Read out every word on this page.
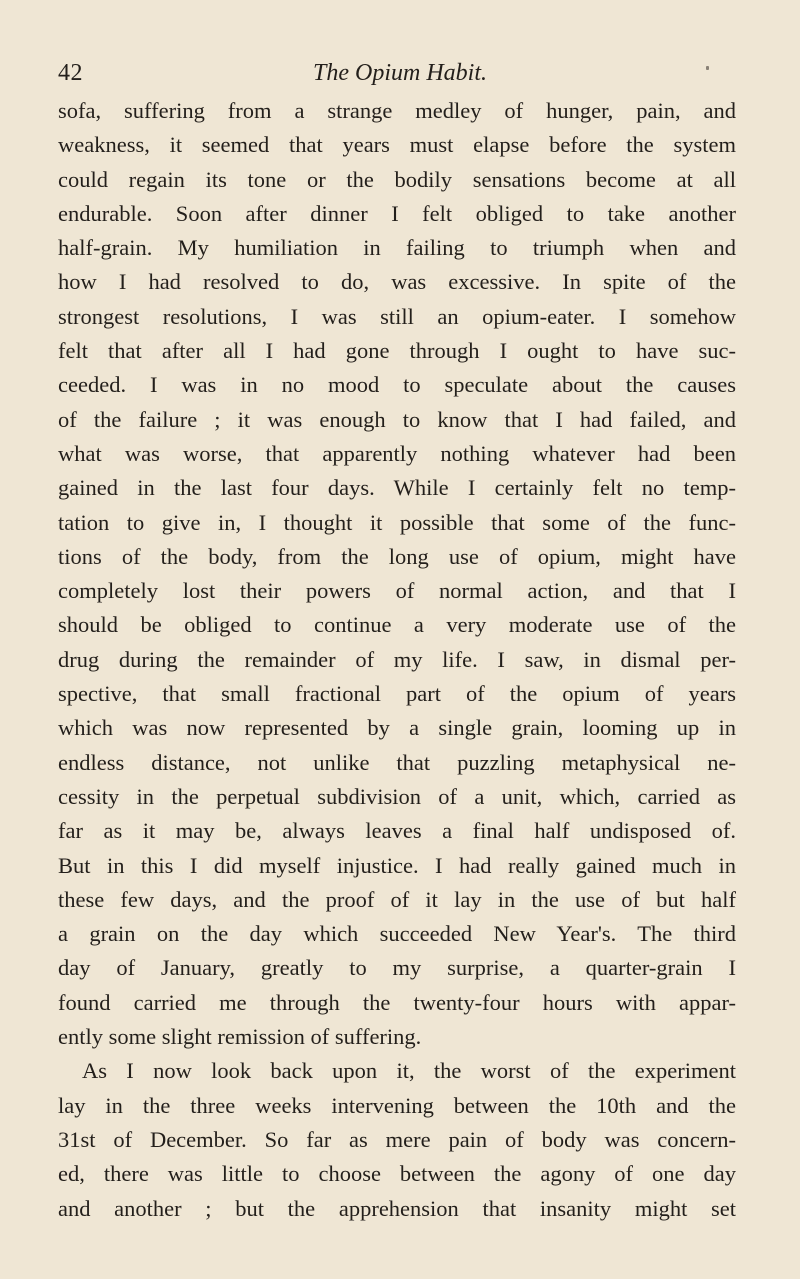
42	The Opium Habit.
sofa, suffering from a strange medley of hunger, pain, and
weakness, it seemed that years must elapse before the system
could regain its tone or the bodily sensations become at all
endurable. Soon after dinner I felt obliged to take another
half-grain. My humiliation in failing to triumph when and
how I had resolved to do, was excessive. In spite of the
strongest resolutions, I was still an opium-eater. I somehow
felt that after all I had gone through I ought to have suc-
ceeded. I was in no mood to speculate about the causes
of the failure ; it was enough to know that I had failed, and
what was worse, that apparently nothing whatever had been
gained in the last four days. While I certainly felt no temp-
tation to give in, I thought it possible that some of the func-
tions of the body, from the long use of opium, might have
completely lost their powers of normal action, and that I
should be obliged to continue a very moderate use of the
drug during the remainder of my life. I saw, in dismal per-
spective, that small fractional part of the opium of years
which was now represented by a single grain, looming up in
endless distance, not unlike that puzzling metaphysical ne-
cessity in the perpetual subdivision of a unit, which, carried as
far as it may be, always leaves a final half undisposed of.
But in this I did myself injustice. I had really gained much in
these few days, and the proof of it lay in the use of but half
a grain on the day which succeeded New Year's. The third
day of January, greatly to my surprise, a quarter-grain I
found carried me through the twenty-four hours with appar-
ently some slight remission of suffering.
As I now look back upon it, the worst of the experiment
lay in the three weeks intervening between the 10th and the
31st of December. So far as mere pain of body was concern-
ed, there was little to choose between the agony of one day
and another ; but the apprehension that insanity might set
